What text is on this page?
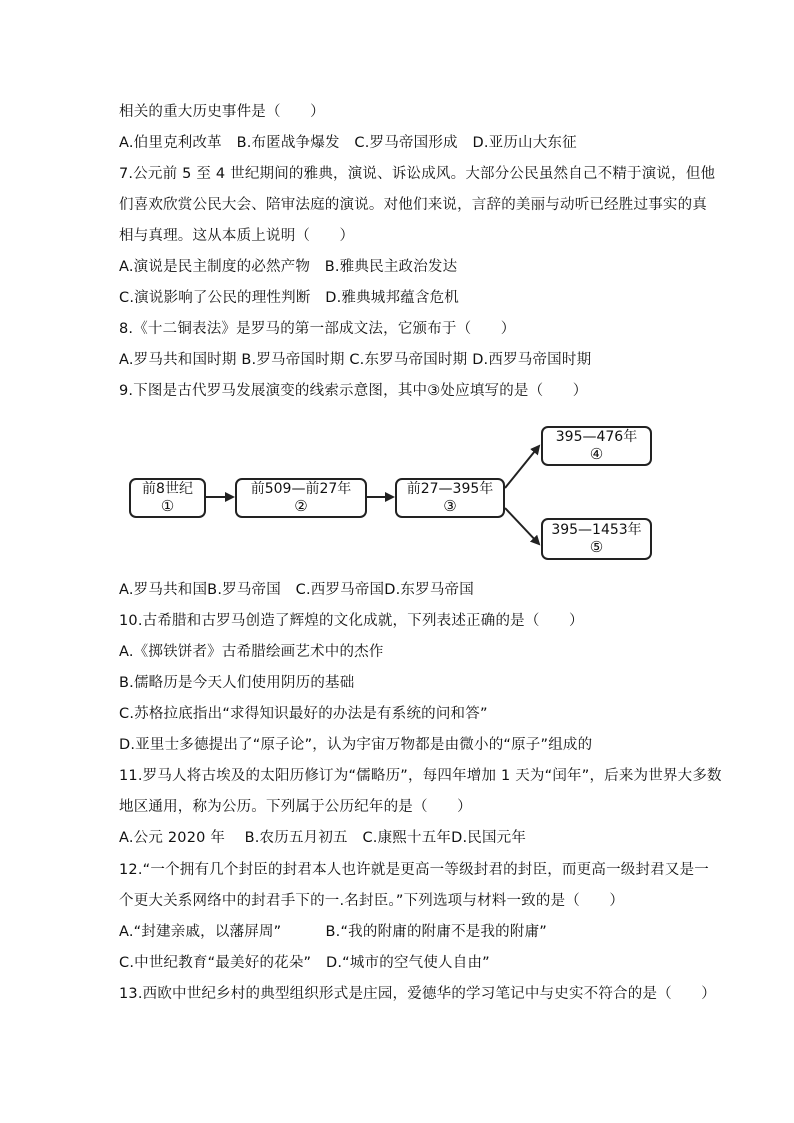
相关的重大历史事件是（　　）
A.伯里克利改革　B.布匿战争爆发　C.罗马帝国形成　D.亚历山大东征
7.公元前 5 至 4 世纪期间的雅典，演说、诉讼成风。大部分公民虽然自己不精于演说，但他
们喜欢欣赏公民大会、陪审法庭的演说。对他们来说，言辞的美丽与动听已经胜过事实的真
相与真理。这从本质上说明（　　）
A.演说是民主制度的必然产物　B.雅典民主政治发达
C.演说影响了公民的理性判断　D.雅典城邦蕴含危机
8.《十二铜表法》是罗马的第一部成文法，它颁布于（　　）
A.罗马共和国时期 B.罗马帝国时期 C.东罗马帝国时期 D.西罗马帝国时期
9.下图是古代罗马发展演变的线索示意图，其中③处应填写的是（　　）
前8世纪
①
前509—前27年
②
前27—395年
③
395—476年
④
395—1453年
⑤
A.罗马共和国B.罗马帝国　C.西罗马帝国D.东罗马帝国
10.古希腊和古罗马创造了辉煌的文化成就，下列表述正确的是（　　）
A.《掷铁饼者》古希腊绘画艺术中的杰作
B.儒略历是今天人们使用阴历的基础
C.苏格拉底指出“求得知识最好的办法是有系统的问和答”
D.亚里士多德提出了“原子论”，认为宇宙万物都是由微小的“原子”组成的
11.罗马人将古埃及的太阳历修订为“儒略历”，每四年增加 1 天为“闰年”，后来为世界大多数
地区通用，称为公历。下列属于公历纪年的是（　　）
A.公元 2020 年　 B.农历五月初五　C.康熙十五年D.民国元年
12.“一个拥有几个封臣的封君本人也许就是更高一等级封君的封臣，而更高一级封君又是一
个更大关系网络中的封君手下的一.名封臣。”下列选项与材料一致的是（　　）
A.“封建亲戚，以藩屏周”　　　B.“我的附庸的附庸不是我的附庸”
C.中世纪教育“最美好的花朵”　D.“城市的空气使人自由”
13.西欧中世纪乡村的典型组织形式是庄园，爱德华的学习笔记中与史实不符合的是（　　）
